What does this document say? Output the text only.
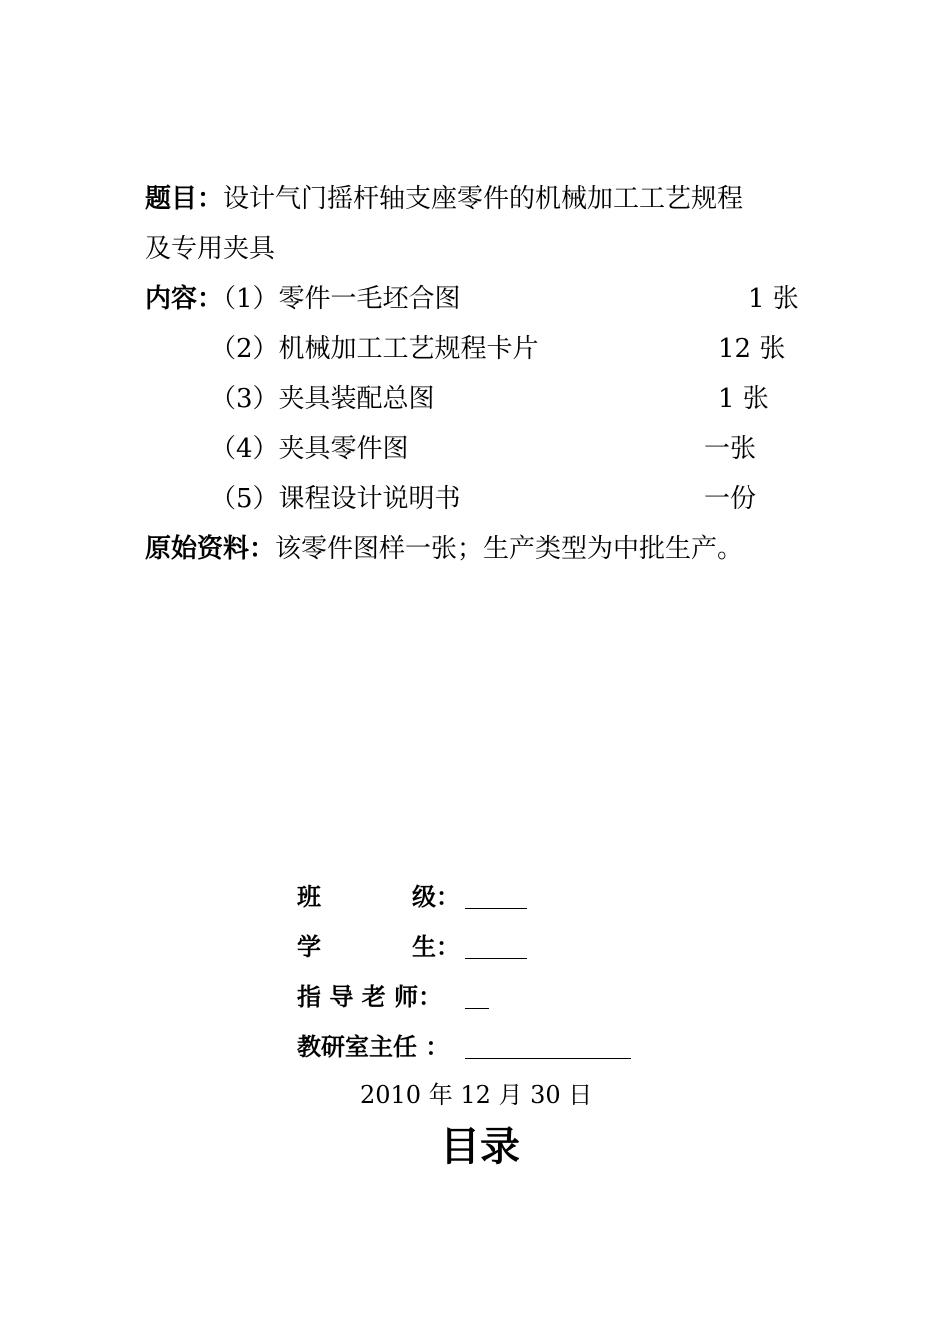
题目：设计气门摇杆轴支座零件的机械加工工艺规程
及专用夹具
内容：（1）零件一毛坯合图	1 张
（2）机械加工工艺规程卡片	12 张
（3）夹具装配总图	1 张
（4）夹具零件图	一张
（5）课程设计说明书	一份
原始资料：该零件图样一张；生产类型为中批生产。
班	级：
学	生：
指 导 老 师：
教研室主任 ：
2010 年 12 月 30 日
目录
